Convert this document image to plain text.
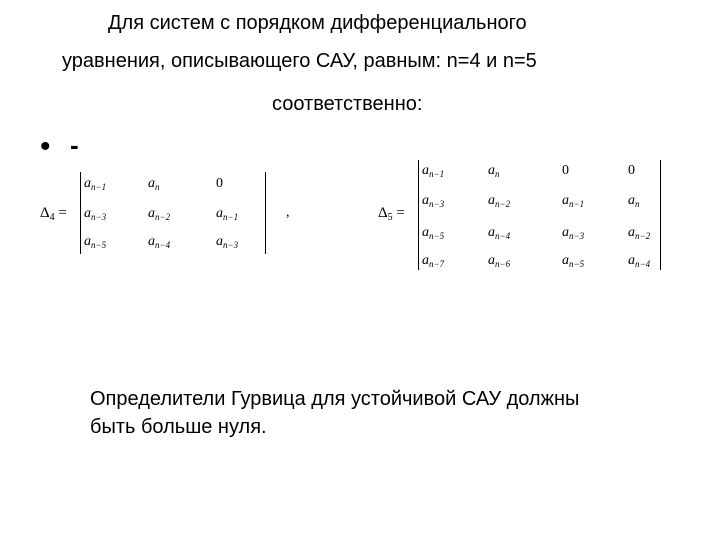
Для систем с порядком дифференциального
уравнения, описывающего САУ, равным: n=4 и n=5
соответственно:
• -
$\Delta_4$ =
$a_{n-1}$	$a_n$	0
$a_{n-3}$	$a_{n-2}$	$a_{n-1}$
$a_{n-5}$	$a_{n-4}$	$a_{n-3}$
,	$\Delta_5$ =
$a_{n-1}$	$a_n$	0	0
$a_{n-3}$	$a_{n-2}$	$a_{n-1}$	$a_n$
$a_{n-5}$	$a_{n-4}$	$a_{n-3}$	$a_{n-2}$
$a_{n-7}$	$a_{n-6}$	$a_{n-5}$	$a_{n-4}$
Определители Гурвица для устойчивой САУ должны
быть больше нуля.
